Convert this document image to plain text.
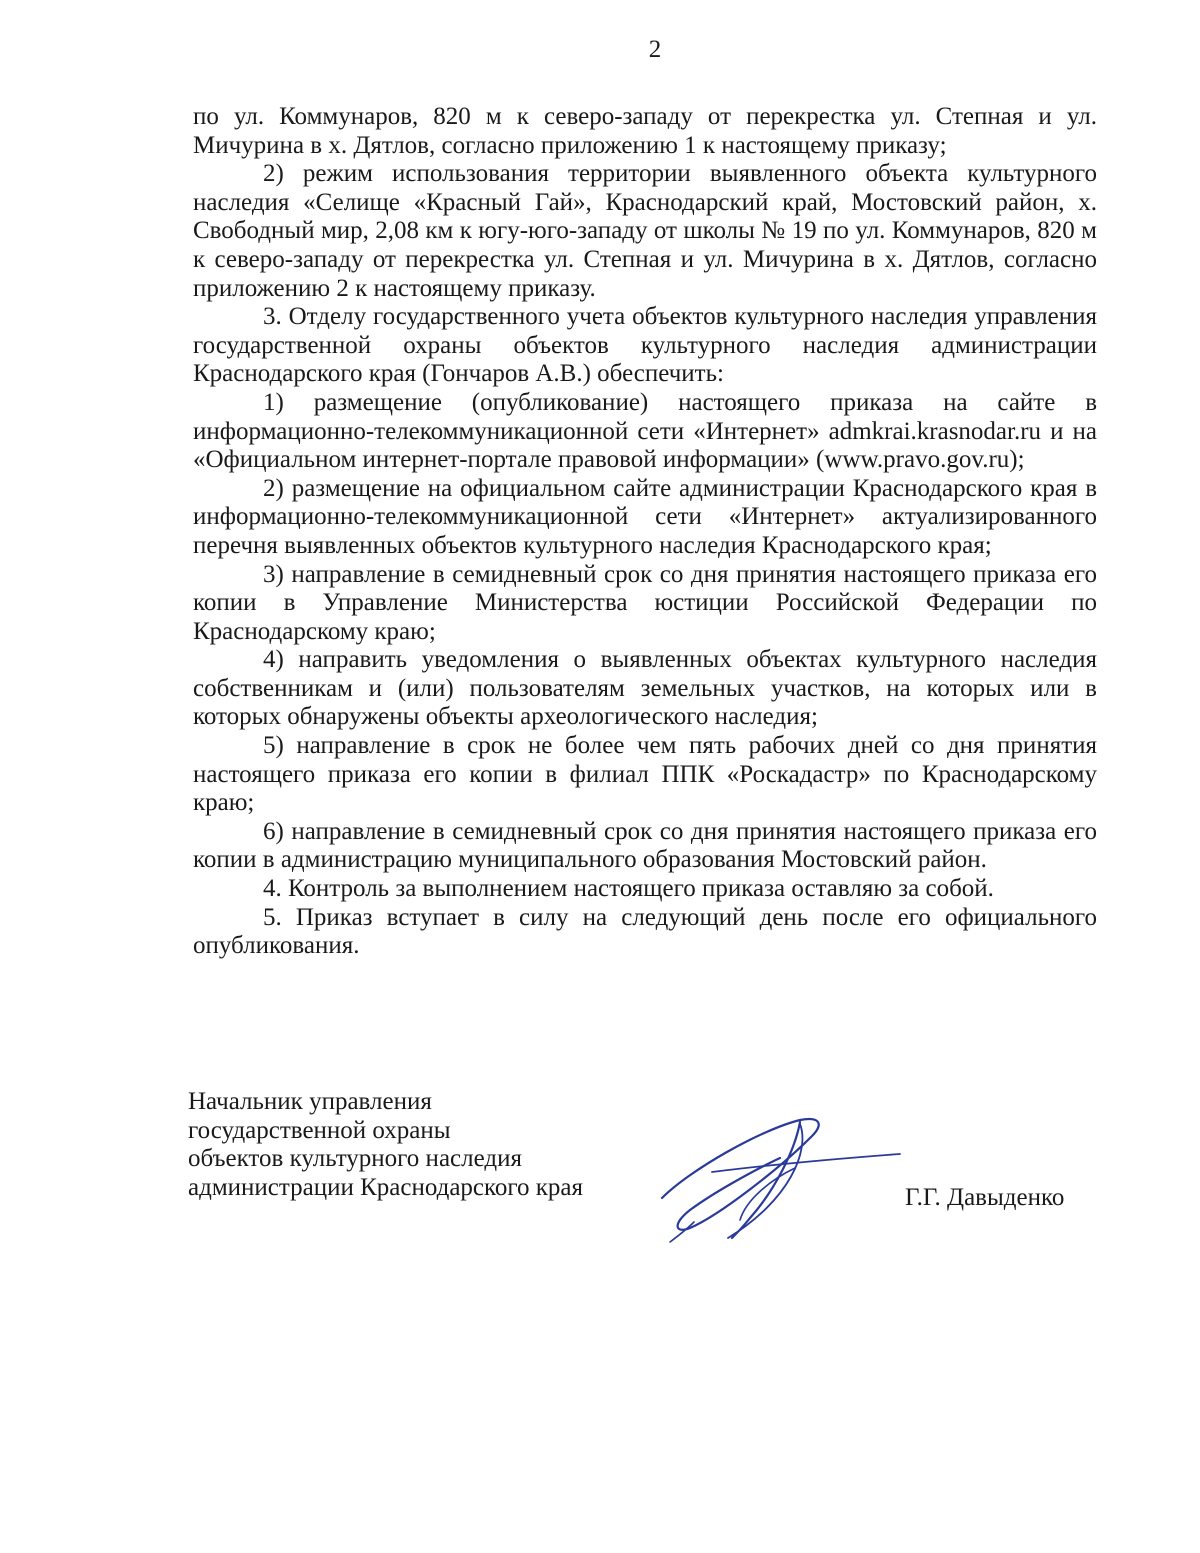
2

по ул. Коммунаров, 820 м к северо-западу от перекрестка ул. Степная и ул. Мичурина в х. Дятлов, согласно приложению 1 к настоящему приказу;

2) режим использования территории выявленного объекта культурного наследия «Селище «Красный Гай», Краснодарский край, Мостовский район, х. Свободный мир, 2,08 км к югу-юго-западу от школы № 19 по ул. Коммунаров, 820 м к северо-западу от перекрестка ул. Степная и ул. Мичурина в х. Дятлов, согласно приложению 2 к настоящему приказу.

3. Отделу государственного учета объектов культурного наследия управления государственной охраны объектов культурного наследия администрации Краснодарского края (Гончаров А.В.) обеспечить:

1) размещение (опубликование) настоящего приказа на сайте в информационно-телекоммуникационной сети «Интернет» admkrai.krasnodar.ru и на «Официальном интернет-портале правовой информации» (www.pravo.gov.ru);

2) размещение на официальном сайте администрации Краснодарского края в информационно-телекоммуникационной сети «Интернет» актуализированного перечня выявленных объектов культурного наследия Краснодарского края;

3) направление в семидневный срок со дня принятия настоящего приказа его копии в Управление Министерства юстиции Российской Федерации по Краснодарскому краю;

4) направить уведомления о выявленных объектах культурного наследия собственникам и (или) пользователям земельных участков, на которых или в которых обнаружены объекты археологического наследия;

5) направление в срок не более чем пять рабочих дней со дня принятия настоящего приказа его копии в филиал ППК «Роскадастр» по Краснодарскому краю;

6) направление в семидневный срок со дня принятия настоящего приказа его копии в администрацию муниципального образования Мостовский район.

4. Контроль за выполнением настоящего приказа оставляю за собой.

5. Приказ вступает в силу на следующий день после его официального опубликования.

Начальник управления
государственной охраны
объектов культурного наследия
администрации Краснодарского края	Г.Г. Давыденко
